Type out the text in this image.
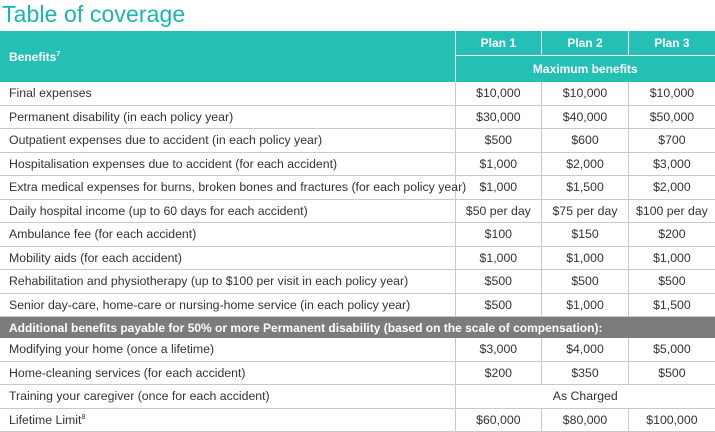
Table of coverage
Benefits$^7$	Plan 1	Plan 2	Plan 3
	Maximum benefits		
Final expenses	$10,000	$10,000	$10,000
Permanent disability (in each policy year)	$30,000	$40,000	$50,000
Outpatient expenses due to accident (in each policy year)	$500	$600	$700
Hospitalisation expenses due to accident (for each accident)	$1,000	$2,000	$3,000
Extra medical expenses for burns, broken bones and fractures (for each policy year)	$1,000	$1,500	$2,000
Daily hospital income (up to 60 days for each accident)	$50 per day	$75 per day	$100 per day
Ambulance fee (for each accident)	$100	$150	$200
Mobility aids (for each accident)	$1,000	$1,000	$1,000
Rehabilitation and physiotherapy (up to $100 per visit in each policy year)	$500	$500	$500
Senior day-care, home-care or nursing-home service (in each policy year)	$500	$1,000	$1,500
Additional benefits payable for 50% or more Permanent disability (based on the scale of compensation):			
Modifying your home (once a lifetime)	$3,000	$4,000	$5,000
Home-cleaning services (for each accident)	$200	$350	$500
Training your caregiver (once for each accident)	As Charged		
Lifetime Limit$^8$	$60,000	$80,000	$100,000
